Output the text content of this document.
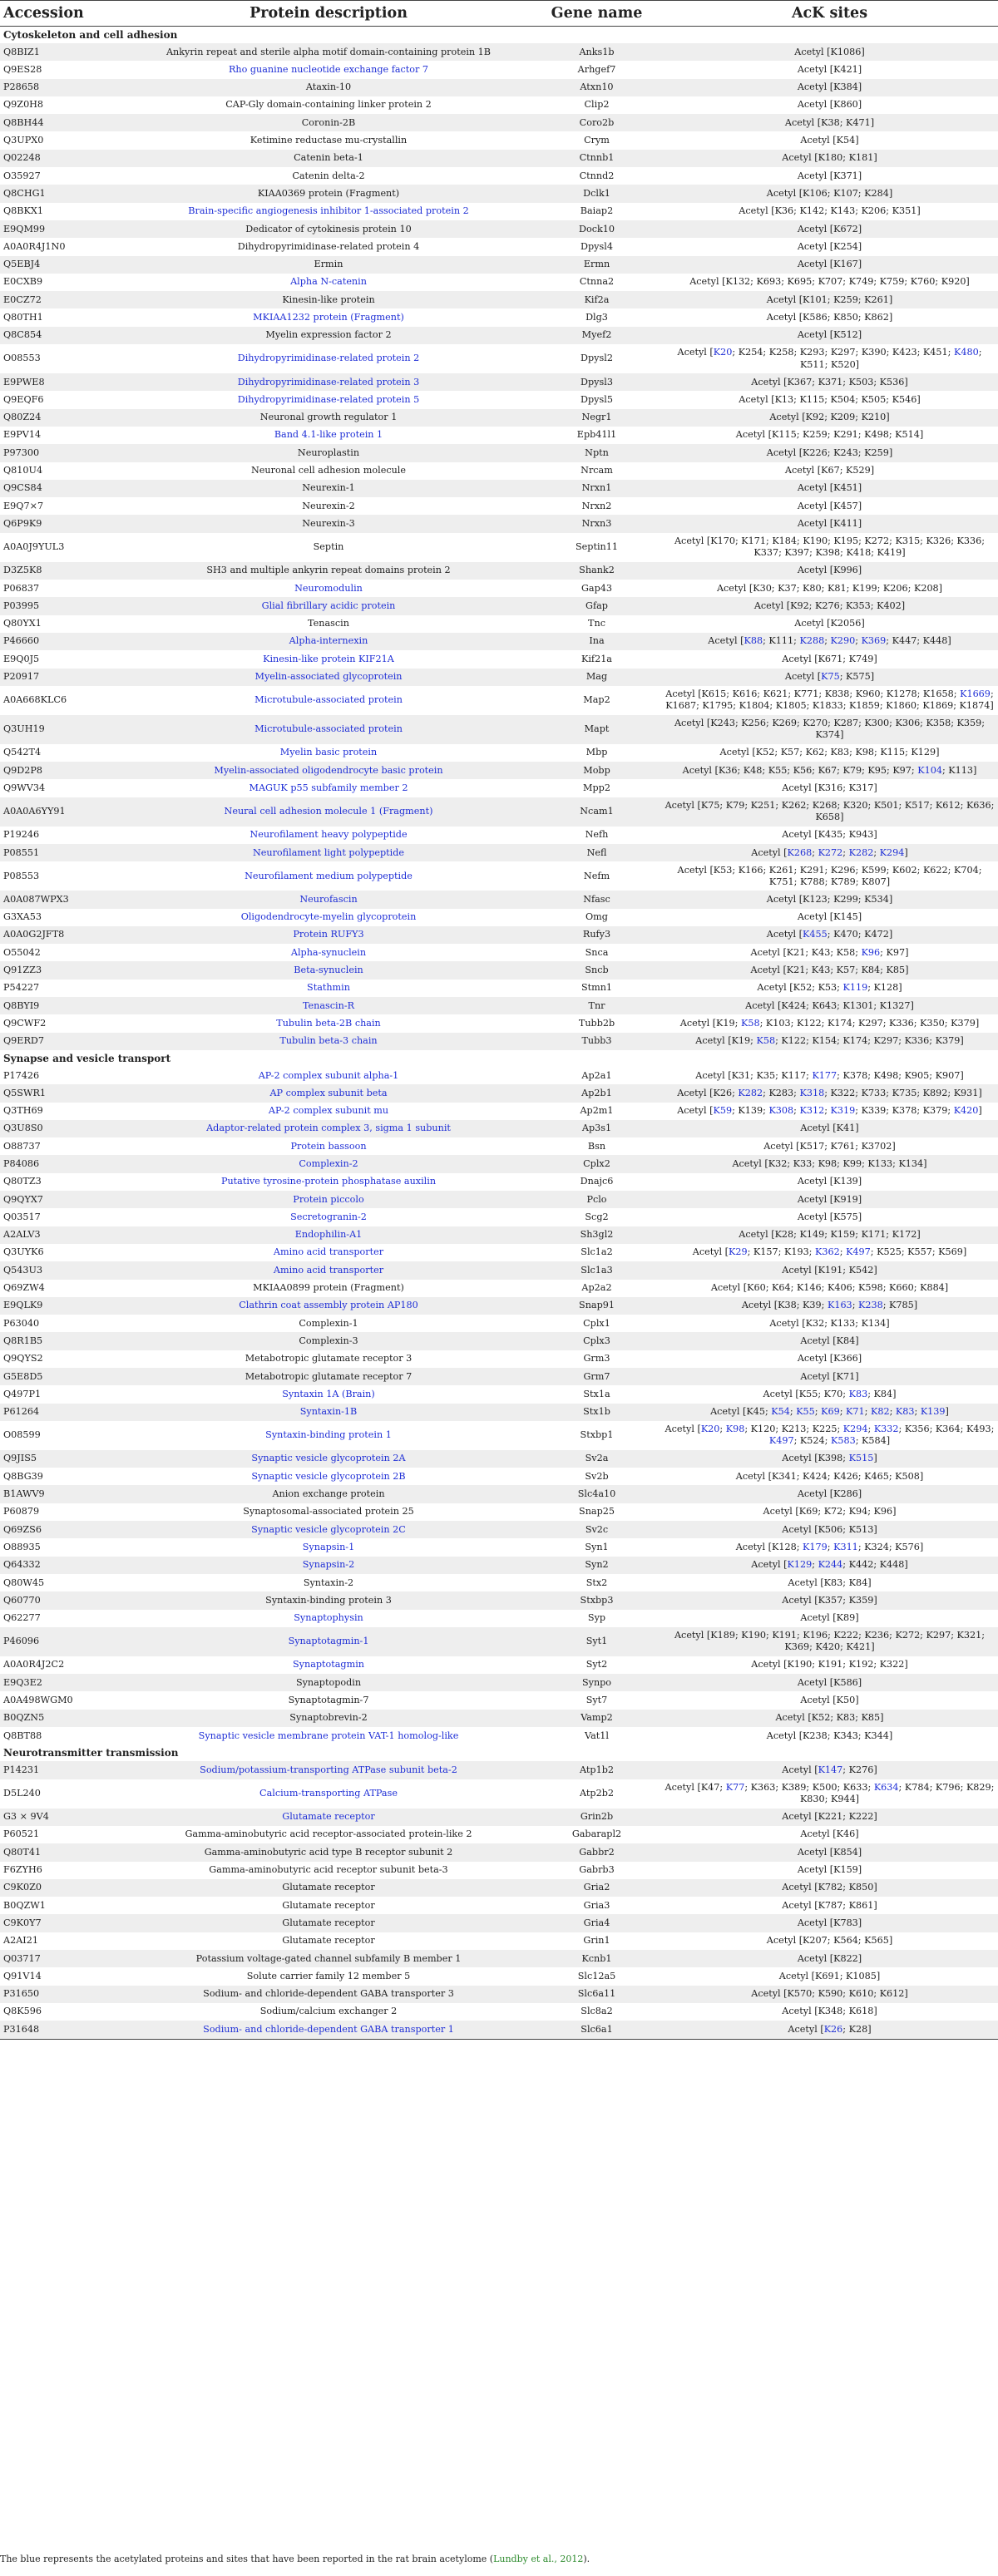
Accession	Protein description	Gene name	AcK sites
Cytoskeleton and cell adhesion			
Q8BIZ1	Ankyrin repeat and sterile alpha motif domain-containing protein 1B	Anks1b	Acetyl [K1086]
Q9ES28	Rho guanine nucleotide exchange factor 7	Arhgef7	Acetyl [K421]
P28658	Ataxin-10	Atxn10	Acetyl [K384]
Q9Z0H8	CAP-Gly domain-containing linker protein 2	Clip2	Acetyl [K860]
Q8BH44	Coronin-2B	Coro2b	Acetyl [K38; K471]
Q3UPX0	Ketimine reductase mu-crystallin	Crym	Acetyl [K54]
Q02248	Catenin beta-1	Ctnnb1	Acetyl [K180; K181]
O35927	Catenin delta-2	Ctnnd2	Acetyl [K371]
Q8CHG1	KIAA0369 protein (Fragment)	Dclk1	Acetyl [K106; K107; K284]
Q8BKX1	Brain-specific angiogenesis inhibitor 1-associated protein 2	Baiap2	Acetyl [K36; K142; K143; K206; K351]
E9QM99	Dedicator of cytokinesis protein 10	Dock10	Acetyl [K672]
A0A0R4J1N0	Dihydropyrimidinase-related protein 4	Dpysl4	Acetyl [K254]
Q5EBJ4	Ermin	Ermn	Acetyl [K167]
E0CXB9	Alpha N-catenin	Ctnna2	Acetyl [K132; K693; K695; K707; K749; K759; K760; K920]
E0CZ72	Kinesin-like protein	Kif2a	Acetyl [K101; K259; K261]
Q80TH1	MKIAA1232 protein (Fragment)	Dlg3	Acetyl [K586; K850; K862]
Q8C854	Myelin expression factor 2	Myef2	Acetyl [K512]
O08553	Dihydropyrimidinase-related protein 2	Dpysl2	Acetyl [K20; K254; K258; K293; K297; K390; K423; K451; K480;
K511; K520]
E9PWE8	Dihydropyrimidinase-related protein 3	Dpysl3	Acetyl [K367; K371; K503; K536]
Q9EQF6	Dihydropyrimidinase-related protein 5	Dpysl5	Acetyl [K13; K115; K504; K505; K546]
Q80Z24	Neuronal growth regulator 1	Negr1	Acetyl [K92; K209; K210]
E9PV14	Band 4.1-like protein 1	Epb41l1	Acetyl [K115; K259; K291; K498; K514]
P97300	Neuroplastin	Nptn	Acetyl [K226; K243; K259]
Q810U4	Neuronal cell adhesion molecule	Nrcam	Acetyl [K67; K529]
Q9CS84	Neurexin-1	Nrxn1	Acetyl [K451]
E9Q7×7	Neurexin-2	Nrxn2	Acetyl [K457]
Q6P9K9	Neurexin-3	Nrxn3	Acetyl [K411]
A0A0J9YUL3	Septin	Septin11	Acetyl [K170; K171; K184; K190; K195; K272; K315; K326; K336;
K337; K397; K398; K418; K419]
D3Z5K8	SH3 and multiple ankyrin repeat domains protein 2	Shank2	Acetyl [K996]
P06837	Neuromodulin	Gap43	Acetyl [K30; K37; K80; K81; K199; K206; K208]
P03995	Glial fibrillary acidic protein	Gfap	Acetyl [K92; K276; K353; K402]
Q80YX1	Tenascin	Tnc	Acetyl [K2056]
P46660	Alpha-internexin	Ina	Acetyl [K88; K111; K288; K290; K369; K447; K448]
E9Q0J5	Kinesin-like protein KIF21A	Kif21a	Acetyl [K671; K749]
P20917	Myelin-associated glycoprotein	Mag	Acetyl [K75; K575]
A0A668KLC6	Microtubule-associated protein	Map2	Acetyl [K615; K616; K621; K771; K838; K960; K1278; K1658; K1669;
K1687; K1795; K1804; K1805; K1833; K1859; K1860; K1869; K1874]
Q3UH19	Microtubule-associated protein	Mapt	Acetyl [K243; K256; K269; K270; K287; K300; K306; K358; K359;
K374]
Q542T4	Myelin basic protein	Mbp	Acetyl [K52; K57; K62; K83; K98; K115; K129]
Q9D2P8	Myelin-associated oligodendrocyte basic protein	Mobp	Acetyl [K36; K48; K55; K56; K67; K79; K95; K97; K104; K113]
Q9WV34	MAGUK p55 subfamily member 2	Mpp2	Acetyl [K316; K317]
A0A0A6YY91	Neural cell adhesion molecule 1 (Fragment)	Ncam1	Acetyl [K75; K79; K251; K262; K268; K320; K501; K517; K612; K636;
K658]
P19246	Neurofilament heavy polypeptide	Nefh	Acetyl [K435; K943]
P08551	Neurofilament light polypeptide	Nefl	Acetyl [K268; K272; K282; K294]
P08553	Neurofilament medium polypeptide	Nefm	Acetyl [K53; K166; K261; K291; K296; K599; K602; K622; K704;
K751; K788; K789; K807]
A0A087WPX3	Neurofascin	Nfasc	Acetyl [K123; K299; K534]
G3XA53	Oligodendrocyte-myelin glycoprotein	Omg	Acetyl [K145]
A0A0G2JFT8	Protein RUFY3	Rufy3	Acetyl [K455; K470; K472]
O55042	Alpha-synuclein	Snca	Acetyl [K21; K43; K58; K96; K97]
Q91ZZ3	Beta-synuclein	Sncb	Acetyl [K21; K43; K57; K84; K85]
P54227	Stathmin	Stmn1	Acetyl [K52; K53; K119; K128]
Q8BYI9	Tenascin-R	Tnr	Acetyl [K424; K643; K1301; K1327]
Q9CWF2	Tubulin beta-2B chain	Tubb2b	Acetyl [K19; K58; K103; K122; K174; K297; K336; K350; K379]
Q9ERD7	Tubulin beta-3 chain	Tubb3	Acetyl [K19; K58; K122; K154; K174; K297; K336; K379]
Synapse and vesicle transport			
P17426	AP-2 complex subunit alpha-1	Ap2a1	Acetyl [K31; K35; K117; K177; K378; K498; K905; K907]
Q5SWR1	AP complex subunit beta	Ap2b1	Acetyl [K26; K282; K283; K318; K322; K733; K735; K892; K931]
Q3TH69	AP-2 complex subunit mu	Ap2m1	Acetyl [K59; K139; K308; K312; K319; K339; K378; K379; K420]
Q3U8S0	Adaptor-related protein complex 3, sigma 1 subunit	Ap3s1	Acetyl [K41]
O88737	Protein bassoon	Bsn	Acetyl [K517; K761; K3702]
P84086	Complexin-2	Cplx2	Acetyl [K32; K33; K98; K99; K133; K134]
Q80TZ3	Putative tyrosine-protein phosphatase auxilin	Dnajc6	Acetyl [K139]
Q9QYX7	Protein piccolo	Pclo	Acetyl [K919]
Q03517	Secretogranin-2	Scg2	Acetyl [K575]
A2ALV3	Endophilin-A1	Sh3gl2	Acetyl [K28; K149; K159; K171; K172]
Q3UYK6	Amino acid transporter	Slc1a2	Acetyl [K29; K157; K193; K362; K497; K525; K557; K569]
Q543U3	Amino acid transporter	Slc1a3	Acetyl [K191; K542]
Q69ZW4	MKIAA0899 protein (Fragment)	Ap2a2	Acetyl [K60; K64; K146; K406; K598; K660; K884]
E9QLK9	Clathrin coat assembly protein AP180	Snap91	Acetyl [K38; K39; K163; K238; K785]
P63040	Complexin-1	Cplx1	Acetyl [K32; K133; K134]
Q8R1B5	Complexin-3	Cplx3	Acetyl [K84]
Q9QYS2	Metabotropic glutamate receptor 3	Grm3	Acetyl [K366]
G5E8D5	Metabotropic glutamate receptor 7	Grm7	Acetyl [K71]
Q497P1	Syntaxin 1A (Brain)	Stx1a	Acetyl [K55; K70; K83; K84]
P61264	Syntaxin-1B	Stx1b	Acetyl [K45; K54; K55; K69; K71; K82; K83; K139]
O08599	Syntaxin-binding protein 1	Stxbp1	Acetyl [K20; K98; K120; K213; K225; K294; K332; K356; K364; K493;
K497; K524; K583; K584]
Q9JIS5	Synaptic vesicle glycoprotein 2A	Sv2a	Acetyl [K398; K515]
Q8BG39	Synaptic vesicle glycoprotein 2B	Sv2b	Acetyl [K341; K424; K426; K465; K508]
B1AWV9	Anion exchange protein	Slc4a10	Acetyl [K286]
P60879	Synaptosomal-associated protein 25	Snap25	Acetyl [K69; K72; K94; K96]
Q69ZS6	Synaptic vesicle glycoprotein 2C	Sv2c	Acetyl [K506; K513]
O88935	Synapsin-1	Syn1	Acetyl [K128; K179; K311; K324; K576]
Q64332	Synapsin-2	Syn2	Acetyl [K129; K244; K442; K448]
Q80W45	Syntaxin-2	Stx2	Acetyl [K83; K84]
Q60770	Syntaxin-binding protein 3	Stxbp3	Acetyl [K357; K359]
Q62277	Synaptophysin	Syp	Acetyl [K89]
P46096	Synaptotagmin-1	Syt1	Acetyl [K189; K190; K191; K196; K222; K236; K272; K297; K321;
K369; K420; K421]
A0A0R4J2C2	Synaptotagmin	Syt2	Acetyl [K190; K191; K192; K322]
E9Q3E2	Synaptopodin	Synpo	Acetyl [K586]
A0A498WGM0	Synaptotagmin-7	Syt7	Acetyl [K50]
B0QZN5	Synaptobrevin-2	Vamp2	Acetyl [K52; K83; K85]
Q8BT88	Synaptic vesicle membrane protein VAT-1 homolog-like	Vat1l	Acetyl [K238; K343; K344]
Neurotransmitter transmission			
P14231	Sodium/potassium-transporting ATPase subunit beta-2	Atp1b2	Acetyl [K147; K276]
D5L240	Calcium-transporting ATPase	Atp2b2	Acetyl [K47; K77; K363; K389; K500; K633; K634; K784; K796; K829;
K830; K944]
G3 × 9V4	Glutamate receptor	Grin2b	Acetyl [K221; K222]
P60521	Gamma-aminobutyric acid receptor-associated protein-like 2	Gabarapl2	Acetyl [K46]
Q80T41	Gamma-aminobutyric acid type B receptor subunit 2	Gabbr2	Acetyl [K854]
F6ZYH6	Gamma-aminobutyric acid receptor subunit beta-3	Gabrb3	Acetyl [K159]
C9K0Z0	Glutamate receptor	Gria2	Acetyl [K782; K850]
B0QZW1	Glutamate receptor	Gria3	Acetyl [K787; K861]
C9K0Y7	Glutamate receptor	Gria4	Acetyl [K783]
A2AI21	Glutamate receptor	Grin1	Acetyl [K207; K564; K565]
Q03717	Potassium voltage-gated channel subfamily B member 1	Kcnb1	Acetyl [K822]
Q91V14	Solute carrier family 12 member 5	Slc12a5	Acetyl [K691; K1085]
P31650	Sodium- and chloride-dependent GABA transporter 3	Slc6a11	Acetyl [K570; K590; K610; K612]
Q8K596	Sodium/calcium exchanger 2	Slc8a2	Acetyl [K348; K618]
P31648	Sodium- and chloride-dependent GABA transporter 1	Slc6a1	Acetyl [K26; K28]
The blue represents the acetylated proteins and sites that have been reported in the rat brain acetylome (Lundby et al., 2012).
